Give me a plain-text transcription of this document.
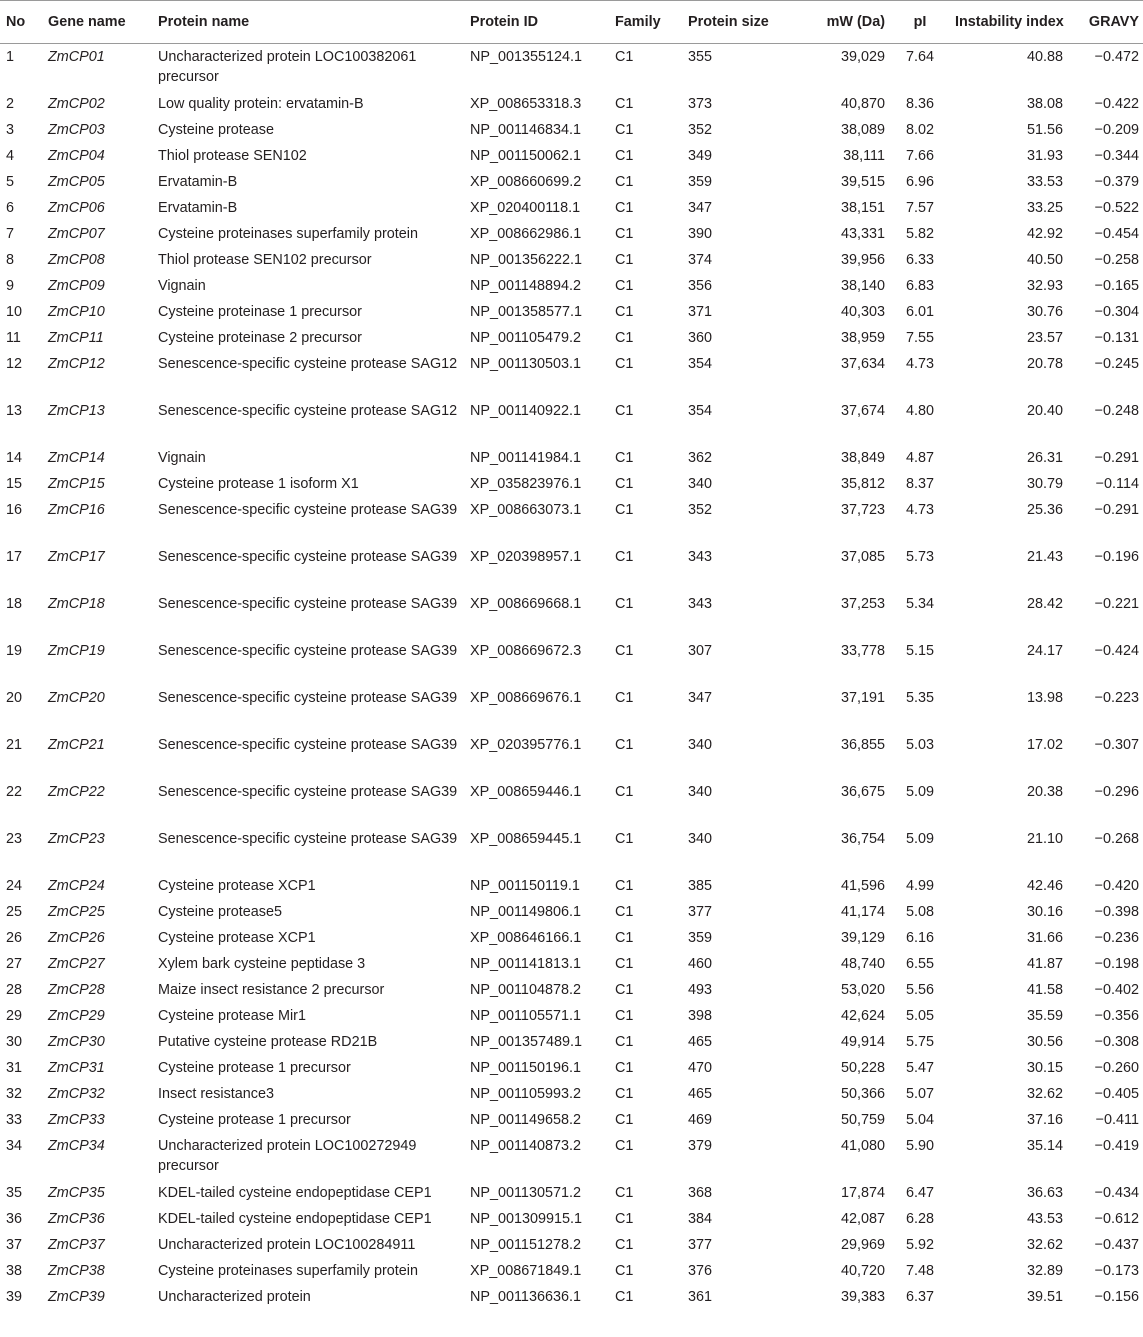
No	Gene name	Protein name	Protein ID	Family	Protein size	mW (Da)	pI	Instability index	GRAVY
1	ZmCP01	Uncharacterized protein LOC100382061 precursor	NP_001355124.1	C1	355	39,029	7.64	40.88	−0.472
2	ZmCP02	Low quality protein: ervatamin-B	XP_008653318.3	C1	373	40,870	8.36	38.08	−0.422
3	ZmCP03	Cysteine protease	NP_001146834.1	C1	352	38,089	8.02	51.56	−0.209
4	ZmCP04	Thiol protease SEN102	NP_001150062.1	C1	349	38,111	7.66	31.93	−0.344
5	ZmCP05	Ervatamin-B	XP_008660699.2	C1	359	39,515	6.96	33.53	−0.379
6	ZmCP06	Ervatamin-B	XP_020400118.1	C1	347	38,151	7.57	33.25	−0.522
7	ZmCP07	Cysteine proteinases superfamily protein	XP_008662986.1	C1	390	43,331	5.82	42.92	−0.454
8	ZmCP08	Thiol protease SEN102 precursor	NP_001356222.1	C1	374	39,956	6.33	40.50	−0.258
9	ZmCP09	Vignain	NP_001148894.2	C1	356	38,140	6.83	32.93	−0.165
10	ZmCP10	Cysteine proteinase 1 precursor	NP_001358577.1	C1	371	40,303	6.01	30.76	−0.304
11	ZmCP11	Cysteine proteinase 2 precursor	NP_001105479.2	C1	360	38,959	7.55	23.57	−0.131
12	ZmCP12	Senescence-specific cysteine protease SAG12	NP_001130503.1	C1	354	37,634	4.73	20.78	−0.245
13	ZmCP13	Senescence-specific cysteine protease SAG12	NP_001140922.1	C1	354	37,674	4.80	20.40	−0.248
14	ZmCP14	Vignain	NP_001141984.1	C1	362	38,849	4.87	26.31	−0.291
15	ZmCP15	Cysteine protease 1 isoform X1	XP_035823976.1	C1	340	35,812	8.37	30.79	−0.114
16	ZmCP16	Senescence-specific cysteine protease SAG39	XP_008663073.1	C1	352	37,723	4.73	25.36	−0.291
17	ZmCP17	Senescence-specific cysteine protease SAG39	XP_020398957.1	C1	343	37,085	5.73	21.43	−0.196
18	ZmCP18	Senescence-specific cysteine protease SAG39	XP_008669668.1	C1	343	37,253	5.34	28.42	−0.221
19	ZmCP19	Senescence-specific cysteine protease SAG39	XP_008669672.3	C1	307	33,778	5.15	24.17	−0.424
20	ZmCP20	Senescence-specific cysteine protease SAG39	XP_008669676.1	C1	347	37,191	5.35	13.98	−0.223
21	ZmCP21	Senescence-specific cysteine protease SAG39	XP_020395776.1	C1	340	36,855	5.03	17.02	−0.307
22	ZmCP22	Senescence-specific cysteine protease SAG39	XP_008659446.1	C1	340	36,675	5.09	20.38	−0.296
23	ZmCP23	Senescence-specific cysteine protease SAG39	XP_008659445.1	C1	340	36,754	5.09	21.10	−0.268
24	ZmCP24	Cysteine protease XCP1	NP_001150119.1	C1	385	41,596	4.99	42.46	−0.420
25	ZmCP25	Cysteine protease5	NP_001149806.1	C1	377	41,174	5.08	30.16	−0.398
26	ZmCP26	Cysteine protease XCP1	XP_008646166.1	C1	359	39,129	6.16	31.66	−0.236
27	ZmCP27	Xylem bark cysteine peptidase 3	NP_001141813.1	C1	460	48,740	6.55	41.87	−0.198
28	ZmCP28	Maize insect resistance 2 precursor	NP_001104878.2	C1	493	53,020	5.56	41.58	−0.402
29	ZmCP29	Cysteine protease Mir1	NP_001105571.1	C1	398	42,624	5.05	35.59	−0.356
30	ZmCP30	Putative cysteine protease RD21B	NP_001357489.1	C1	465	49,914	5.75	30.56	−0.308
31	ZmCP31	Cysteine protease 1 precursor	NP_001150196.1	C1	470	50,228	5.47	30.15	−0.260
32	ZmCP32	Insect resistance3	NP_001105993.2	C1	465	50,366	5.07	32.62	−0.405
33	ZmCP33	Cysteine protease 1 precursor	NP_001149658.2	C1	469	50,759	5.04	37.16	−0.411
34	ZmCP34	Uncharacterized protein LOC100272949 precursor	NP_001140873.2	C1	379	41,080	5.90	35.14	−0.419
35	ZmCP35	KDEL-tailed cysteine endopeptidase CEP1	NP_001130571.2	C1	368	17,874	6.47	36.63	−0.434
36	ZmCP36	KDEL-tailed cysteine endopeptidase CEP1	NP_001309915.1	C1	384	42,087	6.28	43.53	−0.612
37	ZmCP37	Uncharacterized protein LOC100284911	NP_001151278.2	C1	377	29,969	5.92	32.62	−0.437
38	ZmCP38	Cysteine proteinases superfamily protein	XP_008671849.1	C1	376	40,720	7.48	32.89	−0.173
39	ZmCP39	Uncharacterized protein	NP_001136636.1	C1	361	39,383	6.37	39.51	−0.156
